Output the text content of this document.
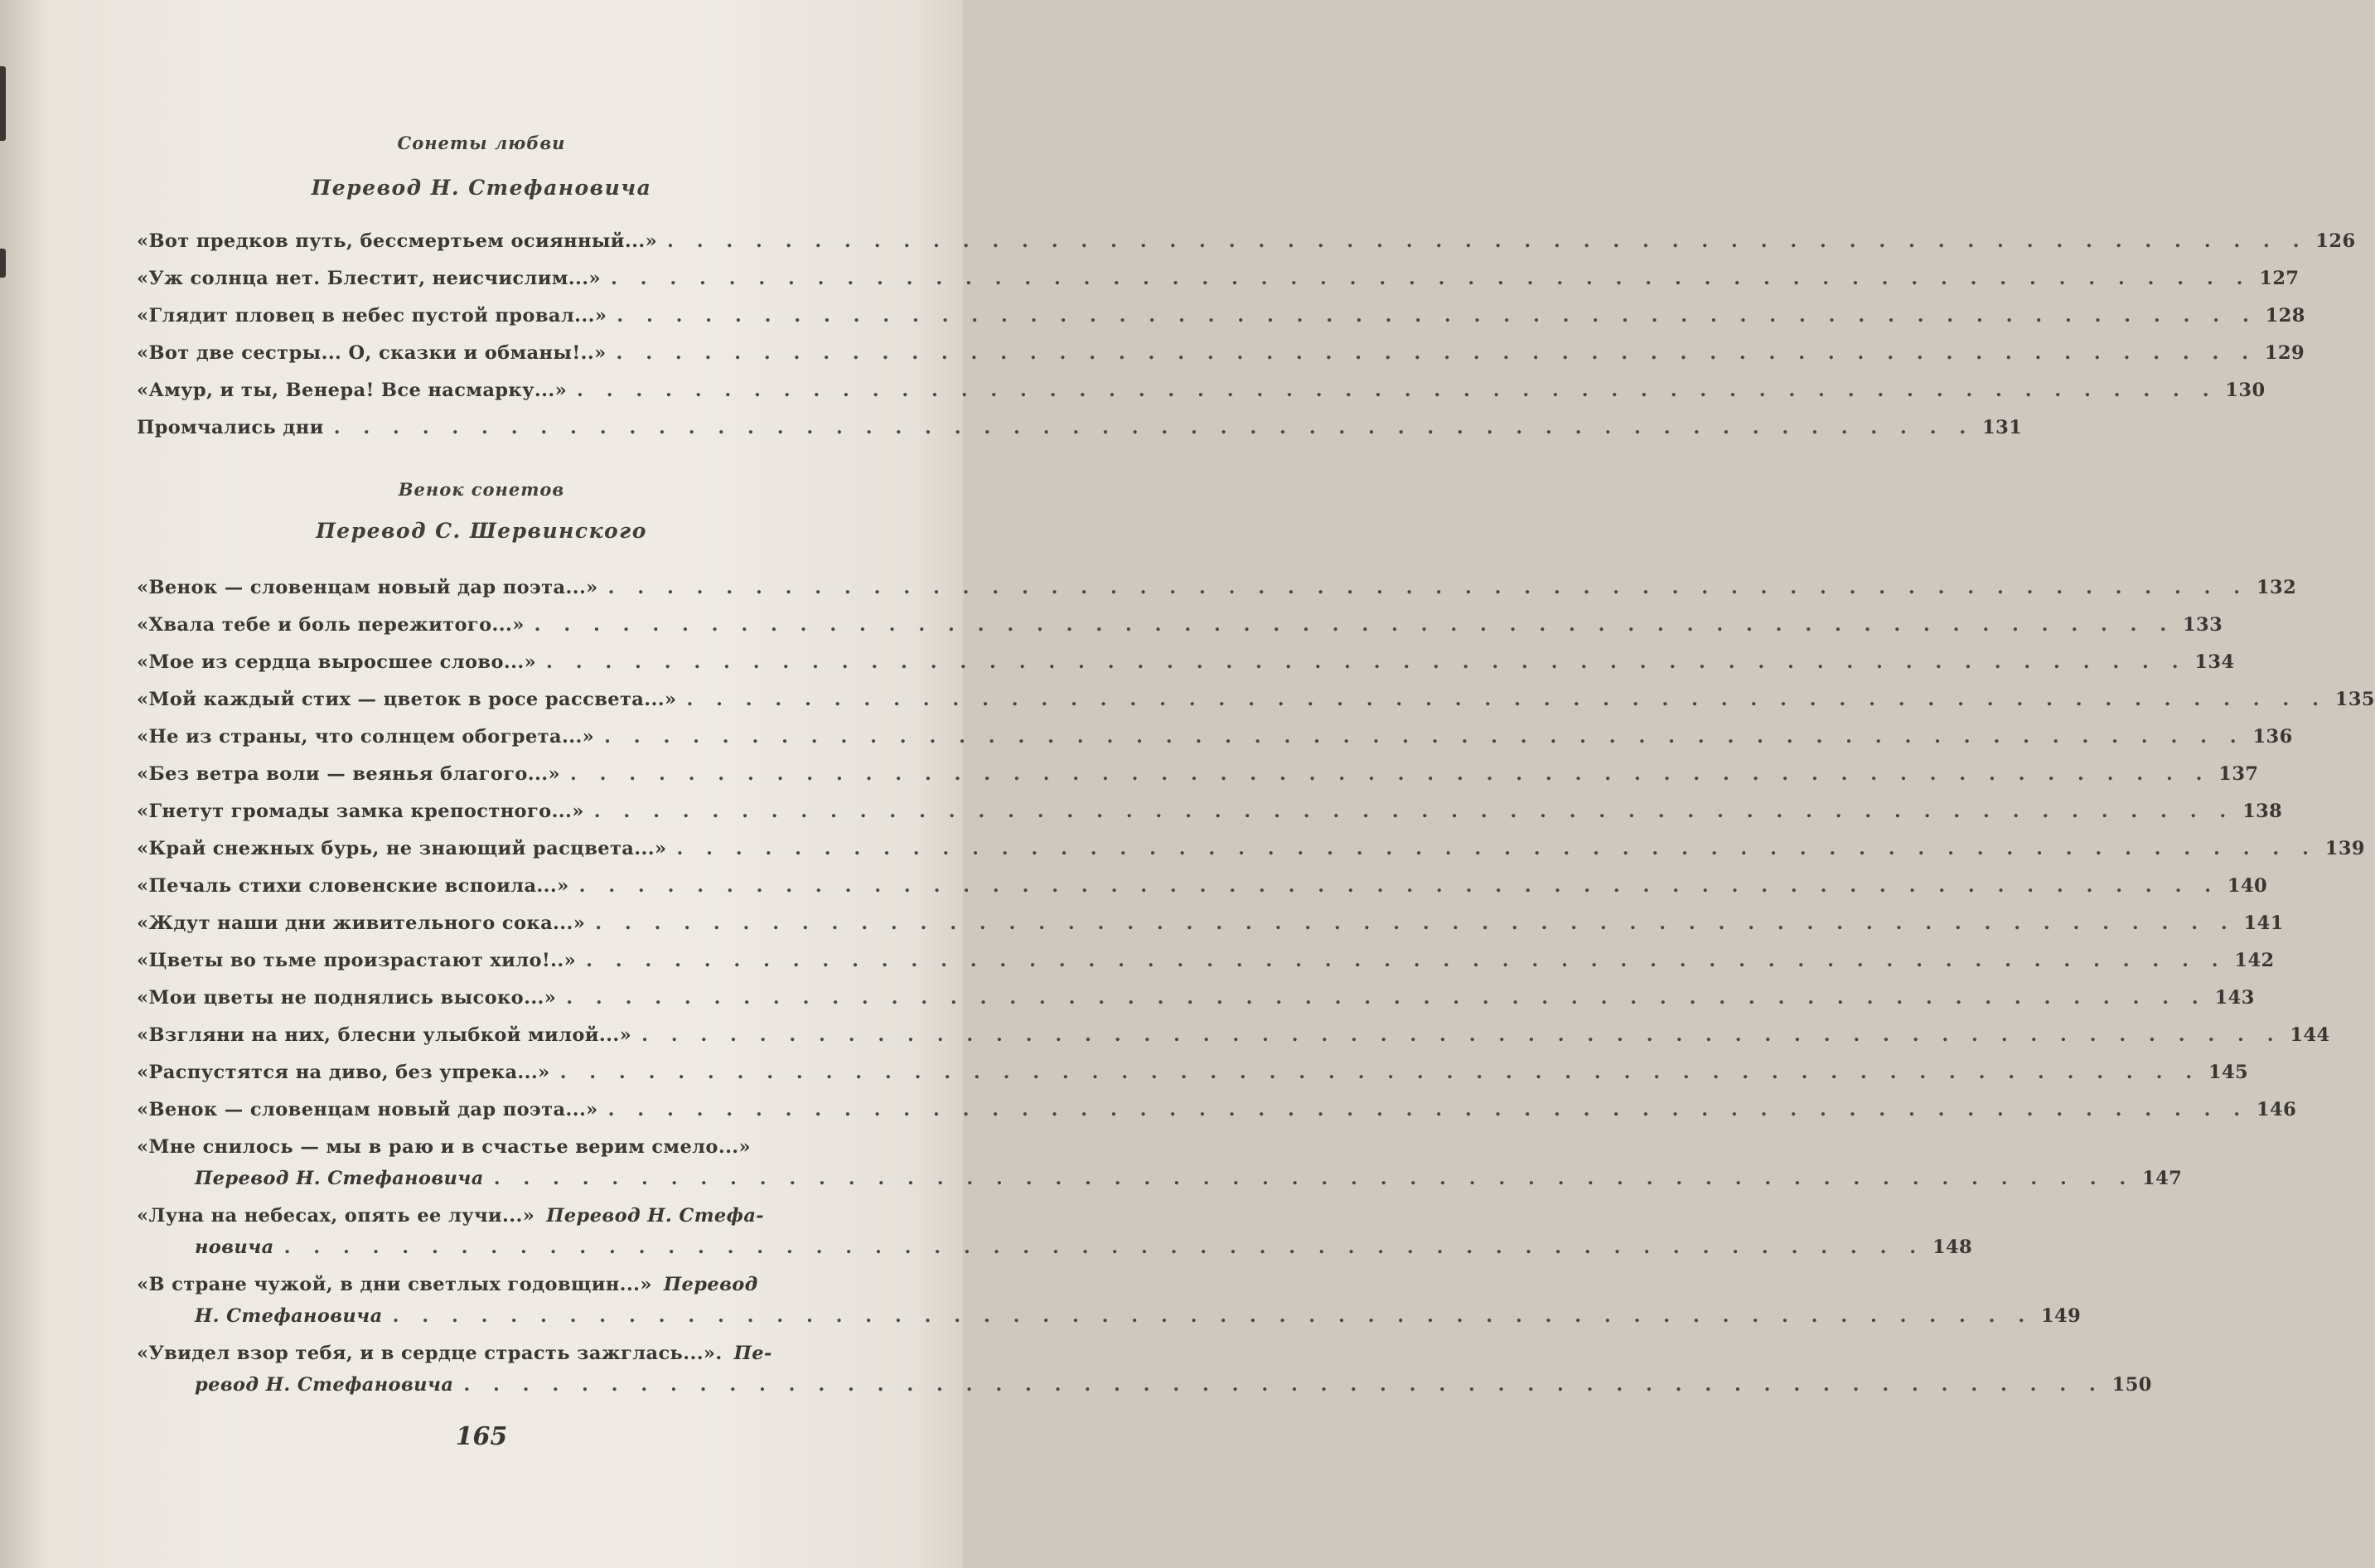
Сонеты любви
Перевод Н. Стефановича
«Вот предков путь, бессмертьем осиянный...» . . .	126
«Уж солнца нет. Блестит, неисчислим...» . . .	127
«Глядит пловец в небес пустой провал...» . . .	128
«Вот две сестры... О, сказки и обманы!..» . . .	129
«Амур, и ты, Венера! Все насмарку...» . . .	130
Промчались дни . . .	131
Венок сонетов
Перевод С. Шервинского
«Венок — словенцам новый дар поэта...» . . .	132
«Хвала тебе и боль пережитого...» . . .	133
«Мое из сердца выросшее слово...» . . .	134
«Мой каждый стих — цветок в росе рассвета...» . . .	135
«Не из страны, что солнцем обогрета...» . . .	136
«Без ветра воли — веянья благого...» . . .	137
«Гнетут громады замка крепостного...» . . .	138
«Край снежных бурь, не знающий расцвета...» . . .	139
«Печаль стихи словенские вспоила...» . . .	140
«Ждут наши дни живительного сока...» . . .	141
«Цветы во тьме произрастают хило!..» . . .	142
«Мои цветы не поднялись высоко...» . . .	143
«Взгляни на них, блесни улыбкой милой...» . . .	144
«Распустятся на диво, без упрека...» . . .	145
«Венок — словенцам новый дар поэта...» . . .	146
«Мне снилось — мы в раю и в счастье верим смело...»
Перевод Н. Стефановича . . .	147
«Луна на небесах, опять ее лучи...» Перевод Н. Стефа-
новича . . .	148
«В стране чужой, в дни светлых годовщин...» Перевод
Н. Стефановича . . .	149
«Увидел взор тебя, и в сердце страсть зажглась...». Пе-
ревод Н. Стефановича . . .	150
165
